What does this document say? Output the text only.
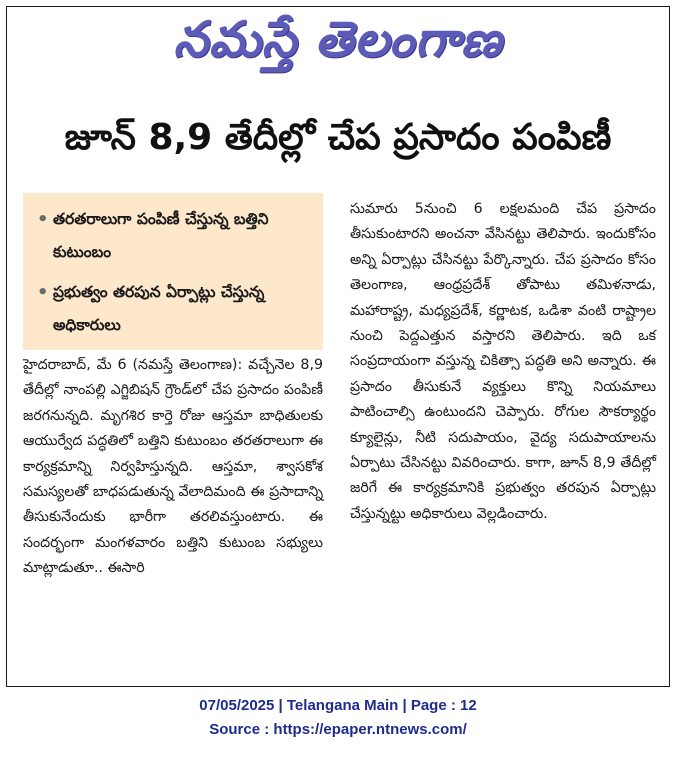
నమస్తే తెలంగాణ
జూన్ 8,9 తేదీల్లో చేప ప్రసాదం పంపిణీ
• తరతరాలుగా పంపిణీ చేస్తున్న బత్తిని కుటుంబం
• ప్రభుత్వం తరపున ఏర్పాట్లు చేస్తున్న అధికారులు

హైదరాబాద్, మే 6 (నమస్తే తెలంగాణ): వచ్చేనెల 8,9 తేదీల్లో నాంపల్లి ఎగ్జిబిషన్ గ్రౌండ్‌లో చేప ప్రసాదం పంపిణీ జరగనున్నది. మృగశిర కార్తె రోజు ఆస్తమా బాధితులకు ఆయుర్వేద పద్ధతిలో బత్తిని కుటుంబం తరతరాలుగా ఈ కార్యక్రమాన్ని నిర్వహిస్తున్నది. ఆస్తమా, శ్వాసకోశ సమస్యలతో బాధపడుతున్న వేలాదిమంది ఈ ప్రసాదాన్ని తీసుకునేందుకు భారీగా తరలివస్తుంటారు. ఈ సందర్భంగా మంగళవారం బత్తిని కుటుంబ సభ్యులు మాట్లాడుతూ.. ఈసారి

సుమారు 5నుంచి 6 లక్షలమంది చేప ప్రసాదం తీసుకుంటారని అంచనా వేసినట్టు తెలిపారు. ఇందుకోసం అన్ని ఏర్పాట్లు చేసినట్టు పేర్కొన్నారు. చేప ప్రసాదం కోసం తెలంగాణ, ఆంధ్రప్రదేశ్ తోపాటు తమిళనాడు, మహారాష్ట్ర, మధ్యప్రదేశ్, కర్ణాటక, ఒడిశా వంటి రాష్ట్రాల నుంచి పెద్దఎత్తున వస్తారని తెలిపారు. ఇది ఒక సంప్రదాయంగా వస్తున్న చికిత్సా పద్ధతి అని అన్నారు. ఈ ప్రసాదం తీసుకునే వ్యక్తులు కొన్ని నియమాలు పాటించాల్సి ఉంటుందని చెప్పారు. రోగుల సౌకర్యార్థం క్యూలైన్లు, నీటి సదుపాయం, వైద్య సదుపాయాలను ఏర్పాటు చేసినట్టు వివరించారు. కాగా, జూన్ 8,9 తేదీల్లో జరిగే ఈ కార్యక్రమానికి ప్రభుత్వం తరపున ఏర్పాట్లు చేస్తున్నట్టు అధికారులు వెల్లడించారు.

07/05/2025 | Telangana Main | Page : 12
Source : https://epaper.ntnews.com/
